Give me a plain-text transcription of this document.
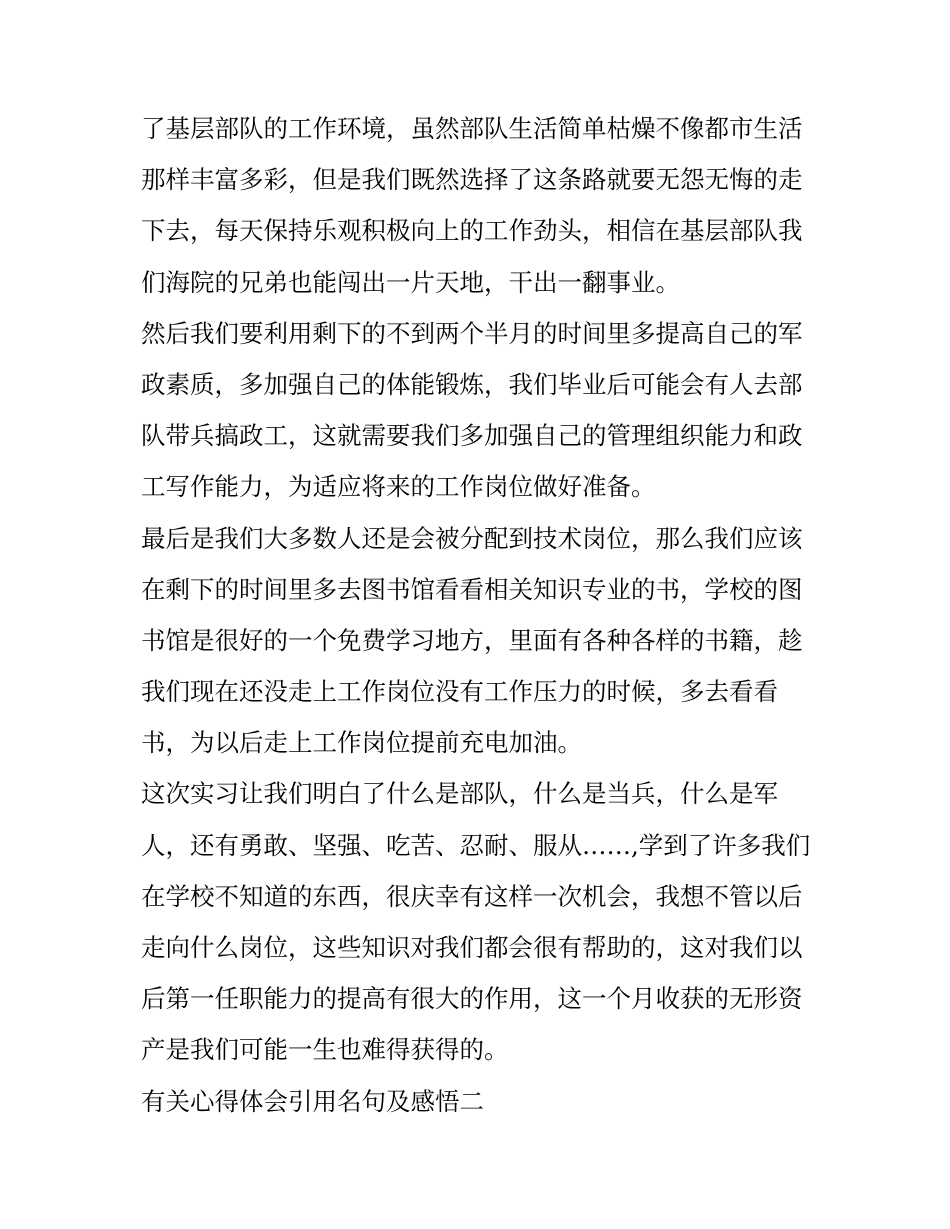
了基层部队的工作环境，虽然部队生活简单枯燥不像都市生活
那样丰富多彩，但是我们既然选择了这条路就要无怨无悔的走
下去，每天保持乐观积极向上的工作劲头，相信在基层部队我
们海院的兄弟也能闯出一片天地，干出一翻事业。
然后我们要利用剩下的不到两个半月的时间里多提高自己的军
政素质，多加强自己的体能锻炼，我们毕业后可能会有人去部
队带兵搞政工，这就需要我们多加强自己的管理组织能力和政
工写作能力，为适应将来的工作岗位做好准备。
最后是我们大多数人还是会被分配到技术岗位，那么我们应该
在剩下的时间里多去图书馆看看相关知识专业的书，学校的图
书馆是很好的一个免费学习地方，里面有各种各样的书籍，趁
我们现在还没走上工作岗位没有工作压力的时候，多去看看
书，为以后走上工作岗位提前充电加油。
这次实习让我们明白了什么是部队，什么是当兵，什么是军
人，还有勇敢、坚强、吃苦、忍耐、服从……,学到了许多我们
在学校不知道的东西，很庆幸有这样一次机会，我想不管以后
走向什么岗位，这些知识对我们都会很有帮助的，这对我们以
后第一任职能力的提高有很大的作用，这一个月收获的无形资
产是我们可能一生也难得获得的。
有关心得体会引用名句及感悟二
